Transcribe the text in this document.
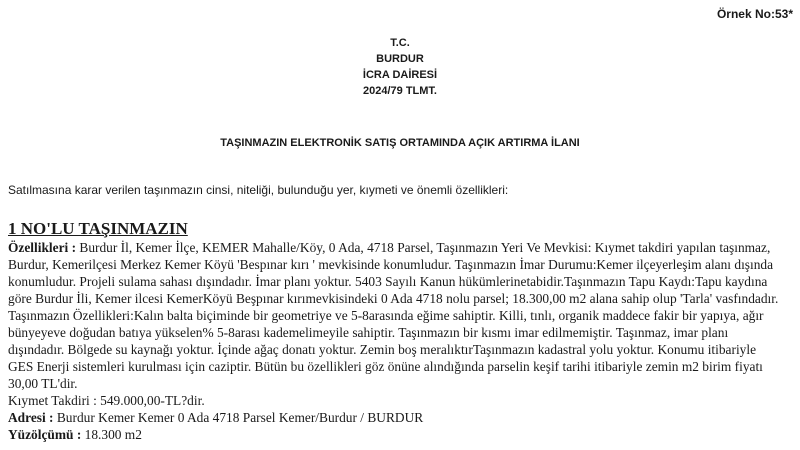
Örnek No:53*
T.C.
BURDUR
İCRA DAİRESİ
2024/79 TLMT.
TAŞINMAZIN ELEKTRONİK SATIŞ ORTAMINDA AÇIK ARTIRMA İLANI
Satılmasına karar verilen taşınmazın cinsi, niteliği, bulunduğu yer, kıymeti ve önemli özellikleri:
1 NO'LU TAŞINMAZIN

Özellikleri : Burdur İl, Kemer İlçe, KEMER Mahalle/Köy, 0 Ada, 4718 Parsel, Taşınmazın Yeri Ve Mevkisi: Kıymet takdiri yapılan taşınmaz, Burdur, Kemerilçesi Merkez Kemer Köyü 'Bespınar kırı ' mevkisinde konumludur. Taşınmazın İmar Durumu:Kemer ilçeyerleşim alanı dışında konumludur. Projeli sulama sahası dışındadır. İmar planı yoktur. 5403 Sayılı Kanun hükümlerinetabidir.Taşınmazın Tapu Kaydı:Tapu kaydına göre Burdur İli, Kemer ilcesi KemerKöyü Beşpınar kırımevkisindeki 0 Ada 4718 nolu parsel; 18.300,00 m2 alana sahip olup 'Tarla' vasfındadır. Taşınmazın Özellikleri:Kalın balta biçiminde bir geometriye ve 5-8arasında eğime sahiptir. Killi, tınlı, organik maddece fakir bir yapıya, ağır bünyeyeve doğudan batıya yükselen% 5-8arası kademelimeyile sahiptir. Taşınmazın bir kısmı imar edilmemiştir. Taşınmaz, imar planı dışındadır. Bölgede su kaynağı yoktur. İçinde ağaç donatı yoktur. Zemin boş meralıktırTaşınmazın kadastral yolu yoktur. Konumu itibariyle GES Enerji sistemleri kurulması için caziptir. Bütün bu özellikleri göz önüne alındığında parselin keşif tarihi itibariyle zemin m2 birim fiyatı 30,00 TL'dir.

Kıymet Takdiri : 549.000,00-TL?dir.

Adresi : Burdur Kemer Kemer 0 Ada 4718 Parsel Kemer/Burdur / BURDUR

Yüzölçümü : 18.300 m2
